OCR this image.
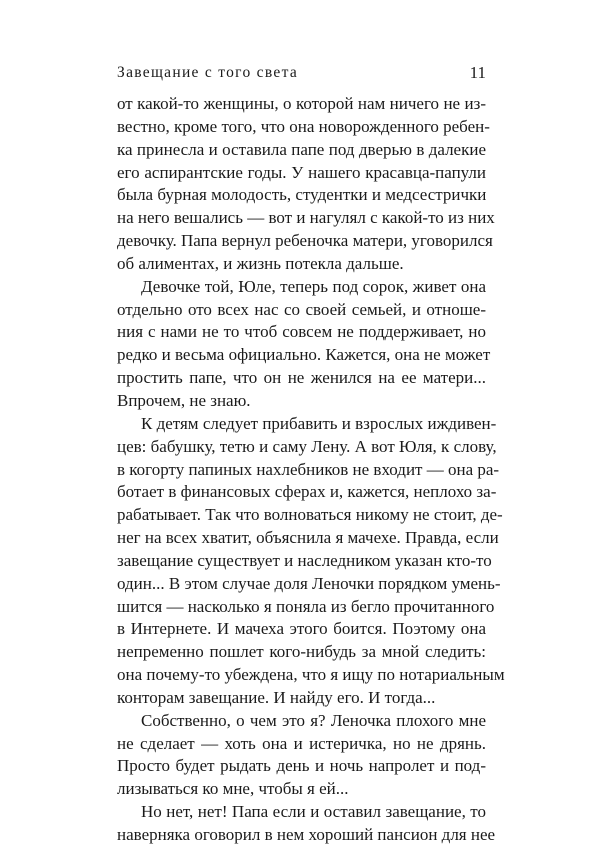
Завещание с того света	11
от какой-то женщины, о которой нам ничего не из-
вестно, кроме того, что она новорожденного ребен-
ка принесла и оставила папе под дверью в далекие
его аспирантские годы. У нашего красавца-папули
была бурная молодость, студентки и медсестрички
на него вешались — вот и нагулял с какой-то из них
девочку. Папа вернул ребеночка матери, уговорился
об алиментах, и жизнь потекла дальше.
Девочке той, Юле, теперь под сорок, живет она
отдельно ото всех нас со своей семьей, и отноше-
ния с нами не то чтоб совсем не поддерживает, но
редко и весьма официально. Кажется, она не может
простить папе, что он не женился на ее матери...
Впрочем, не знаю.
К детям следует прибавить и взрослых иждивен-
цев: бабушку, тетю и саму Лену. А вот Юля, к слову,
в когорту папиных нахлебников не входит — она ра-
ботает в финансовых сферах и, кажется, неплохо за-
рабатывает. Так что волноваться никому не стоит, де-
нег на всех хватит, объяснила я мачехе. Правда, если
завещание существует и наследником указан кто-то
один... В этом случае доля Леночки порядком умень-
шится — насколько я поняла из бегло прочитанного
в Интернете. И мачеха этого боится. Поэтому она
непременно пошлет кого-нибудь за мной следить:
она почему-то убеждена, что я ищу по нотариальным
конторам завещание. И найду его. И тогда...
Собственно, о чем это я? Леночка плохого мне
не сделает — хоть она и истеричка, но не дрянь.
Просто будет рыдать день и ночь напролет и под-
лизываться ко мне, чтобы я ей...
Но нет, нет! Папа если и оставил завещание, то
наверняка оговорил в нем хороший пансион для нее
